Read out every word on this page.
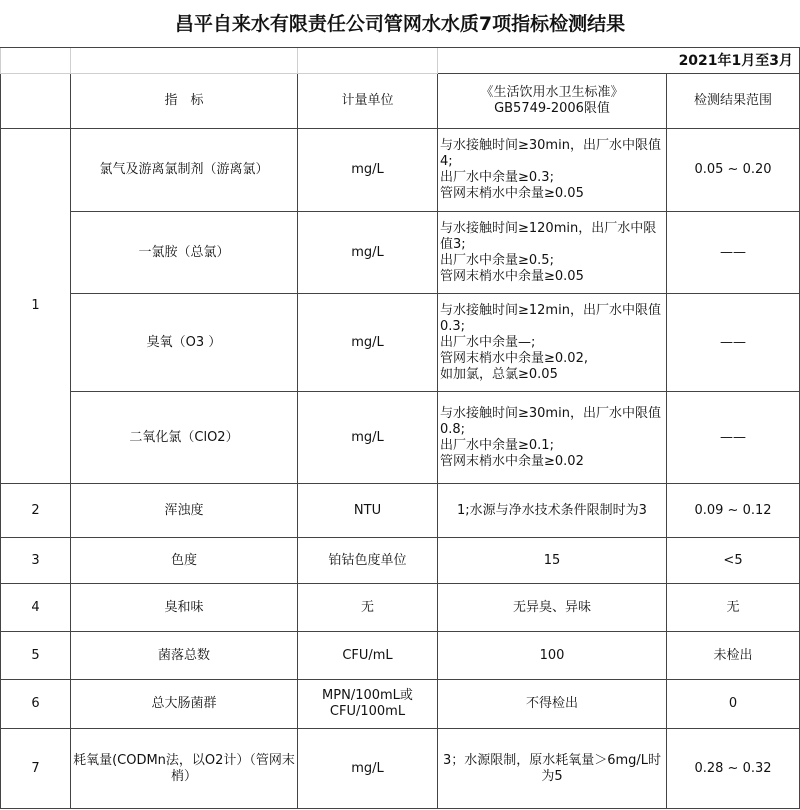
昌平自来水有限责任公司管网水水质7项指标检测结果				
			2021年1月至3月	
	指　标	计量单位	《生活饮用水卫生标准》
GB5749-2006限值	检测结果范围
1	氯气及游离氯制剂（游离氯）	mg/L	与水接触时间≥30min，出厂水中限值4;
出厂水中余量≥0.3;
管网末梢水中余量≥0.05	0.05 ~ 0.20
	一氯胺（总氯）	mg/L	与水接触时间≥120min，出厂水中限值3;
出厂水中余量≥0.5;
管网末梢水中余量≥0.05	——
	臭氧（O3 ）	mg/L	与水接触时间≥12min，出厂水中限值0.3;
出厂水中余量—;
管网末梢水中余量≥0.02,
如加氯，总氯≥0.05	——
	二氧化氯（ClO2）	mg/L	与水接触时间≥30min，出厂水中限值0.8;
出厂水中余量≥0.1;
管网末梢水中余量≥0.02	——
2	浑浊度	NTU	1;水源与净水技术条件限制时为3	0.09 ~ 0.12
3	色度	铂钴色度单位	15	<5
4	臭和味	无	无异臭、异味	无
5	菌落总数	CFU/mL	100	未检出
6	总大肠菌群	MPN/100mL或CFU/100mL	不得检出	0
7	耗氧量(CODMn法，以O2计）（管网末梢）	mg/L	3；水源限制，原水耗氧量＞6mg/L时为5	0.28 ~ 0.32
